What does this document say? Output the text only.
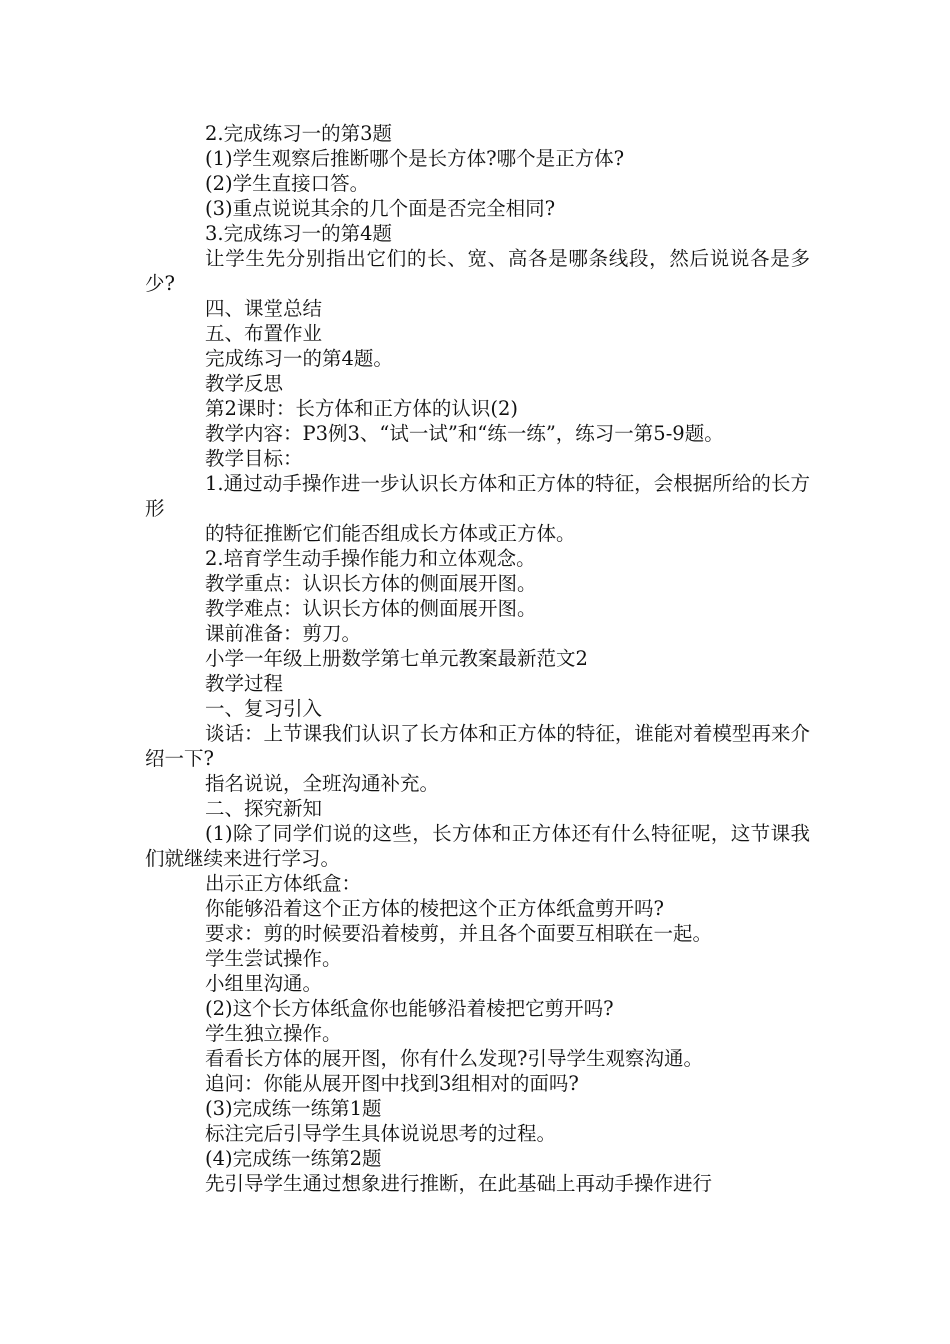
2.完成练习一的第3题

(1)学生观察后推断哪个是长方体?哪个是正方体?

(2)学生直接口答。

(3)重点说说其余的几个面是否完全相同?

3.完成练习一的第4题

让学生先分别指出它们的长、宽、高各是哪条线段，然后说说各是多少?

四、课堂总结

五、布置作业

完成练习一的第4题。

教学反思

第2课时：长方体和正方体的认识(2)

教学内容：P3例3、“试一试”和“练一练”，练习一第5-9题。

教学目标：

1.通过动手操作进一步认识长方体和正方体的特征，会根据所给的长方形

的特征推断它们能否组成长方体或正方体。

2.培育学生动手操作能力和立体观念。

教学重点：认识长方体的侧面展开图。

教学难点：认识长方体的侧面展开图。

课前准备：剪刀。

小学一年级上册数学第七单元教案最新范文2

教学过程

一、复习引入

谈话：上节课我们认识了长方体和正方体的特征，谁能对着模型再来介绍一下?

指名说说，全班沟通补充。

二、探究新知

(1)除了同学们说的这些，长方体和正方体还有什么特征呢，这节课我们就继续来进行学习。

出示正方体纸盒：

你能够沿着这个正方体的棱把这个正方体纸盒剪开吗?

要求：剪的时候要沿着棱剪，并且各个面要互相联在一起。

学生尝试操作。

小组里沟通。

(2)这个长方体纸盒你也能够沿着棱把它剪开吗?

学生独立操作。

看看长方体的展开图，你有什么发现?引导学生观察沟通。

追问：你能从展开图中找到3组相对的面吗?

(3)完成练一练第1题

标注完后引导学生具体说说思考的过程。

(4)完成练一练第2题

先引导学生通过想象进行推断，在此基础上再动手操作进行
